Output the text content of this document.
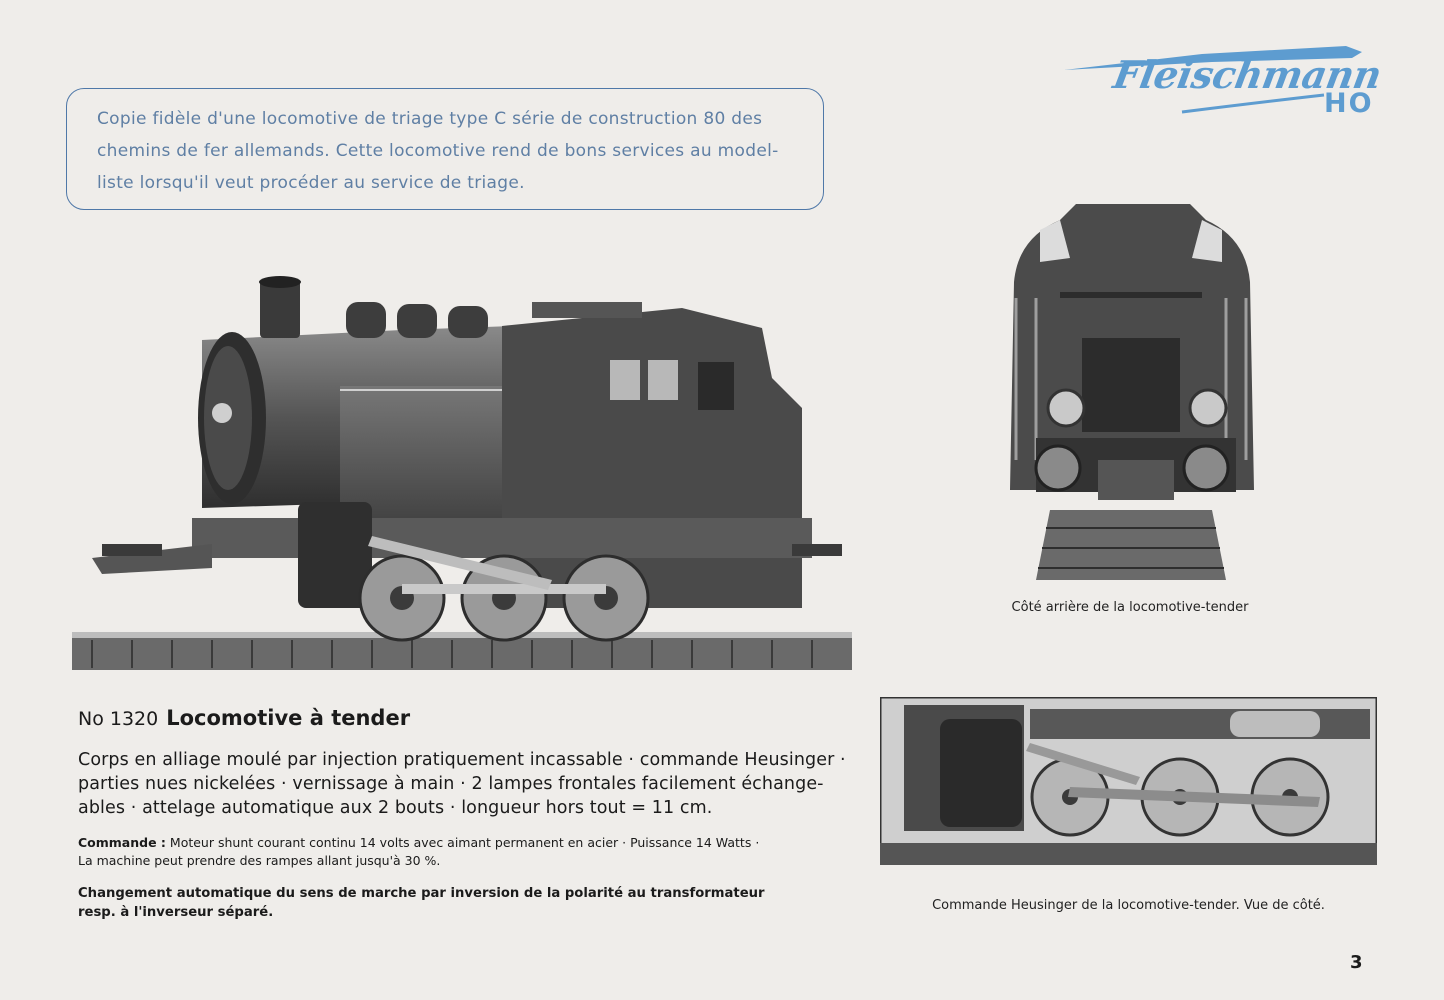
Copie fidèle d'une locomotive de triage type C série de construction 80 des
chemins de fer allemands. Cette locomotive rend de bons services au model-
liste lorsqu'il veut procéder au service de triage.

Fleischmann
HO
Côté arrière de la locomotive-tender
Commande Heusinger de la locomotive-tender. Vue de côté.
No 1320 Locomotive à tender

Corps en alliage moulé par injection pratiquement incassable · commande Heusinger ·
parties nues nickelées · vernissage à main · 2 lampes frontales facilement échange-
ables · attelage automatique aux 2 bouts · longueur hors tout = 11 cm.

Commande : Moteur shunt courant continu 14 volts avec aimant permanent en acier · Puissance 14 Watts ·
La machine peut prendre des rampes allant jusqu'à 30 %.

Changement automatique du sens de marche par inversion de la polarité au transformateur
resp. à l'inverseur séparé.

3
